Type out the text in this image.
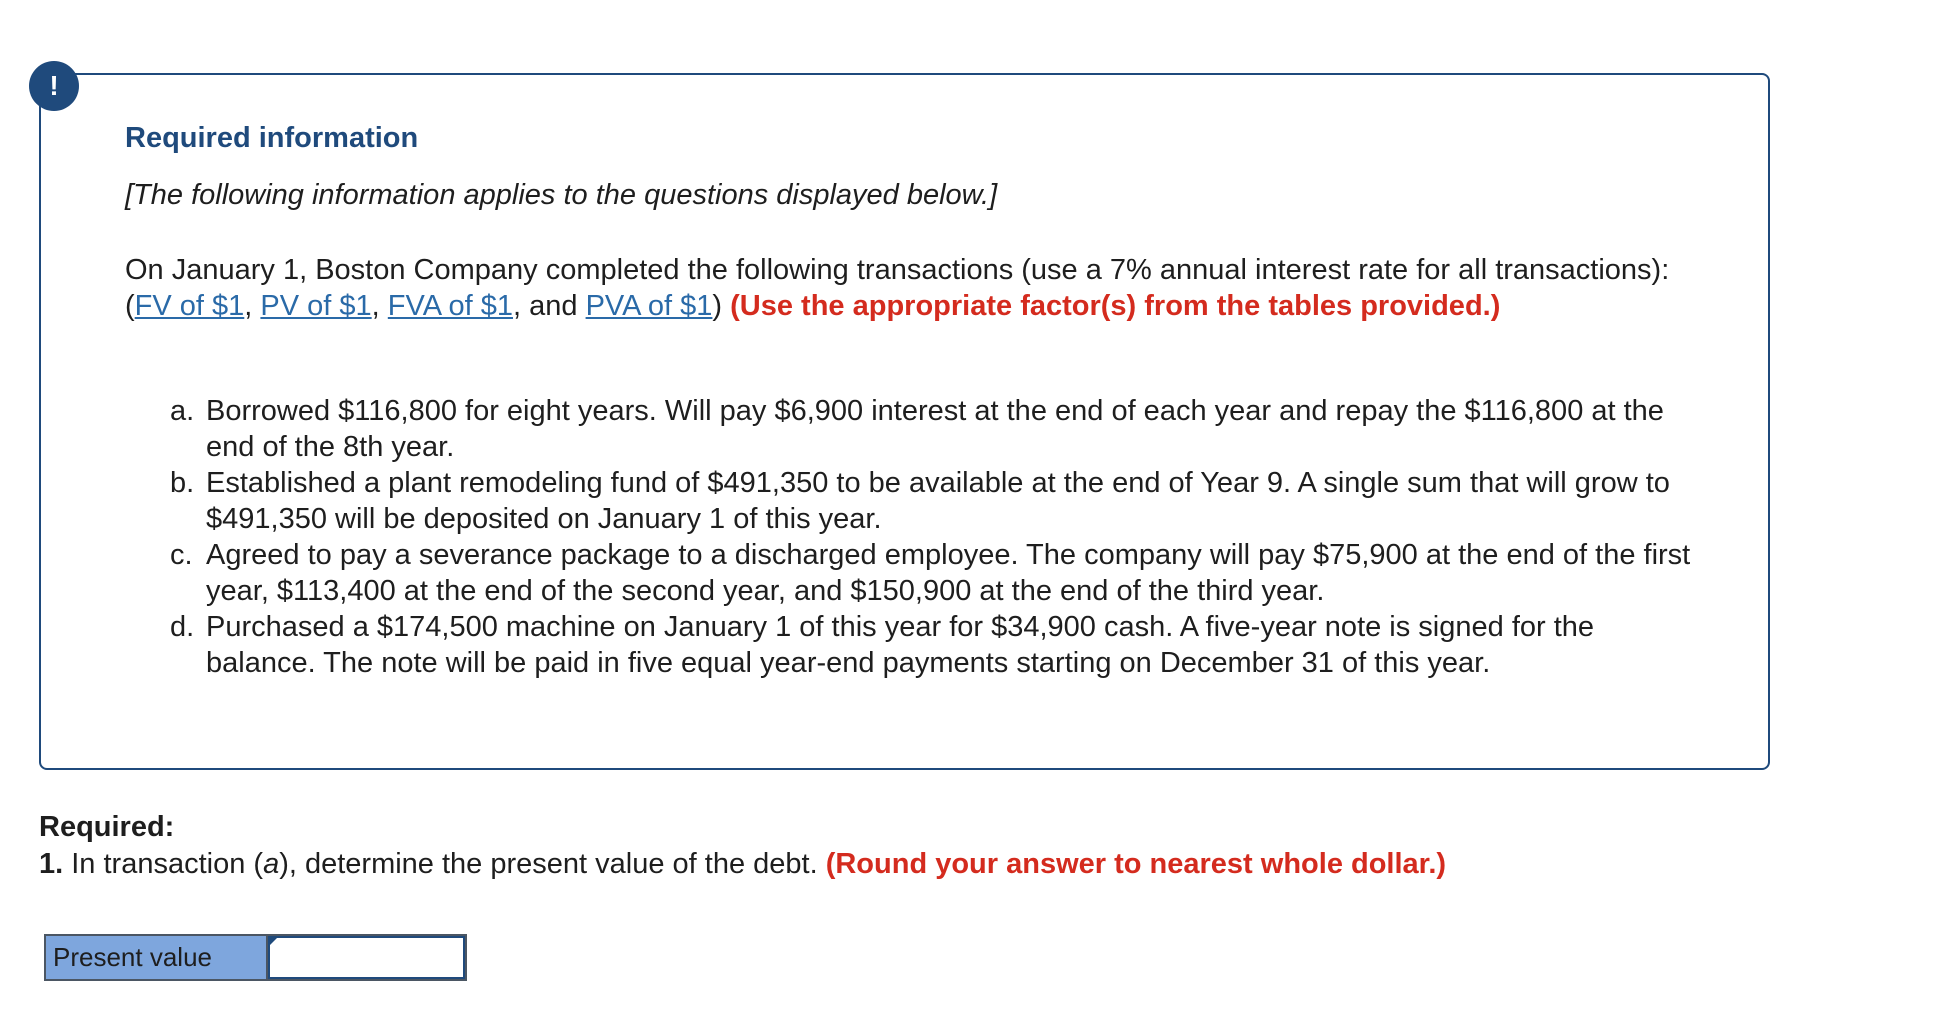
!
Required information
[The following information applies to the questions displayed below.]
On January 1, Boston Company completed the following transactions (use a 7% annual interest rate for all transactions): (FV of $1, PV of $1, FVA of $1, and PVA of $1) (Use the appropriate factor(s) from the tables provided.)
a. Borrowed $116,800 for eight years. Will pay $6,900 interest at the end of each year and repay the $116,800 at the end of the 8th year.
b. Established a plant remodeling fund of $491,350 to be available at the end of Year 9. A single sum that will grow to $491,350 will be deposited on January 1 of this year.
c. Agreed to pay a severance package to a discharged employee. The company will pay $75,900 at the end of the first year, $113,400 at the end of the second year, and $150,900 at the end of the third year.
d. Purchased a $174,500 machine on January 1 of this year for $34,900 cash. A five-year note is signed for the balance. The note will be paid in five equal year-end payments starting on December 31 of this year.
Required:
1. In transaction (a), determine the present value of the debt. (Round your answer to nearest whole dollar.)
Present value
